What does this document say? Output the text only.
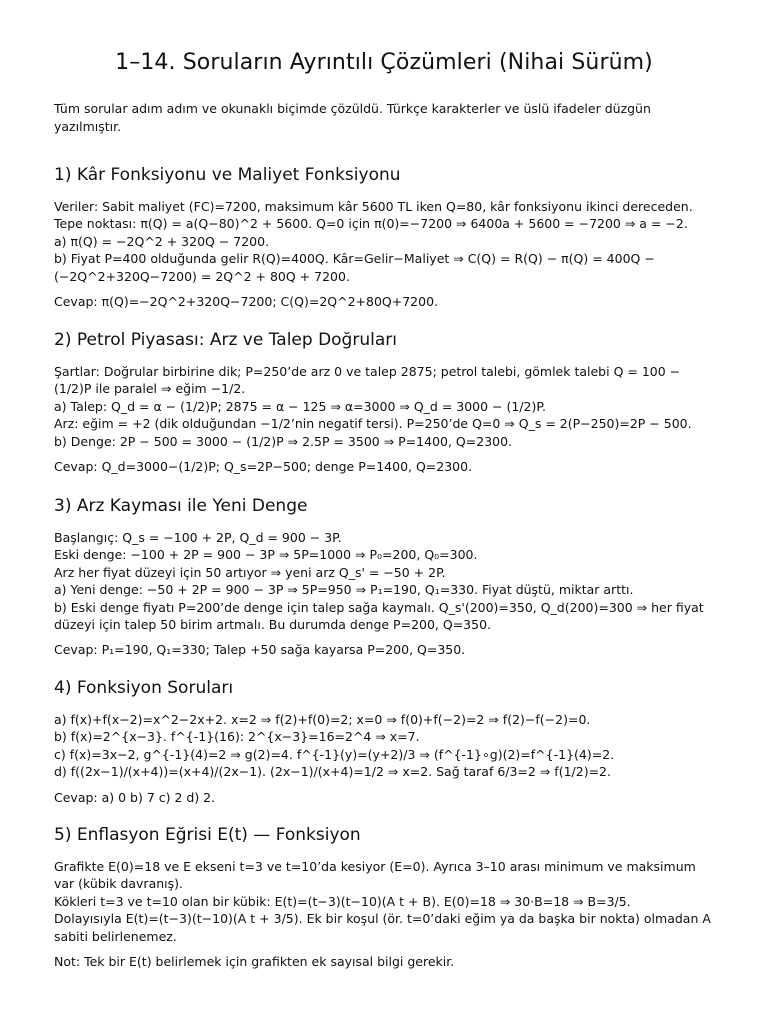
1–14. Soruların Ayrıntılı Çözümleri (Nihai Sürüm)

Tüm sorular adım adım ve okunaklı biçimde çözüldü. Türkçe karakterler ve üslü ifadeler düzgün yazılmıştır.

1) Kâr Fonksiyonu ve Maliyet Fonksiyonu

Veriler: Sabit maliyet (FC)=7200, maksimum kâr 5600 TL iken Q=80, kâr fonksiyonu ikinci dereceden.

Tepe noktası: π(Q) = a(Q−80)^2 + 5600. Q=0 için π(0)=−7200 ⇒ 6400a + 5600 = −7200 ⇒ a = −2.

a) π(Q) = −2Q^2 + 320Q − 7200.

b) Fiyat P=400 olduğunda gelir R(Q)=400Q. Kâr=Gelir−Maliyet ⇒ C(Q) = R(Q) − π(Q) = 400Q − (−2Q^2+320Q−7200) = 2Q^2 + 80Q + 7200.

Cevap: π(Q)=−2Q^2+320Q−7200; C(Q)=2Q^2+80Q+7200.

2) Petrol Piyasası: Arz ve Talep Doğruları

Şartlar: Doğrular birbirine dik; P=250’de arz 0 ve talep 2875; petrol talebi, gömlek talebi Q = 100 − (1/2)P ile paralel ⇒ eğim −1/2.

a) Talep: Q_d = α − (1/2)P; 2875 = α − 125 ⇒ α=3000 ⇒ Q_d = 3000 − (1/2)P.

Arz: eğim = +2 (dik olduğundan −1/2’nin negatif tersi). P=250’de Q=0 ⇒ Q_s = 2(P−250)=2P − 500.

b) Denge: 2P − 500 = 3000 − (1/2)P ⇒ 2.5P = 3500 ⇒ P=1400, Q=2300.

Cevap: Q_d=3000−(1/2)P; Q_s=2P−500; denge P=1400, Q=2300.

3) Arz Kayması ile Yeni Denge

Başlangıç: Q_s = −100 + 2P, Q_d = 900 − 3P.

Eski denge: −100 + 2P = 900 − 3P ⇒ 5P=1000 ⇒ P₀=200, Q₀=300.

Arz her fiyat düzeyi için 50 artıyor ⇒ yeni arz Q_s' = −50 + 2P.

a) Yeni denge: −50 + 2P = 900 − 3P ⇒ 5P=950 ⇒ P₁=190, Q₁=330. Fiyat düştü, miktar arttı.

b) Eski denge fiyatı P=200’de denge için talep sağa kaymalı. Q_s'(200)=350, Q_d(200)=300 ⇒ her fiyat düzeyi için talep 50 birim artmalı. Bu durumda denge P=200, Q=350.

Cevap: P₁=190, Q₁=330; Talep +50 sağa kayarsa P=200, Q=350.

4) Fonksiyon Soruları

a) f(x)+f(x−2)=x^2−2x+2. x=2 ⇒ f(2)+f(0)=2; x=0 ⇒ f(0)+f(−2)=2 ⇒ f(2)−f(−2)=0.

b) f(x)=2^{x−3}. f^{-1}(16): 2^{x−3}=16=2^4 ⇒ x=7.

c) f(x)=3x−2, g^{-1}(4)=2 ⇒ g(2)=4. f^{-1}(y)=(y+2)/3 ⇒ (f^{-1}∘g)(2)=f^{-1}(4)=2.

d) f((2x−1)/(x+4))=(x+4)/(2x−1). (2x−1)/(x+4)=1/2 ⇒ x=2. Sağ taraf 6/3=2 ⇒ f(1/2)=2.

Cevap: a) 0 b) 7 c) 2 d) 2.

5) Enflasyon Eğrisi E(t) — Fonksiyon

Grafikte E(0)=18 ve E ekseni t=3 ve t=10’da kesiyor (E=0). Ayrıca 3–10 arası minimum ve maksimum var (kübik davranış).

Kökleri t=3 ve t=10 olan bir kübik: E(t)=(t−3)(t−10)(A t + B). E(0)=18 ⇒ 30·B=18 ⇒ B=3/5.

Dolayısıyla E(t)=(t−3)(t−10)(A t + 3/5). Ek bir koşul (ör. t=0’daki eğim ya da başka bir nokta) olmadan A sabiti belirlenemez.

Not: Tek bir E(t) belirlemek için grafikten ek sayısal bilgi gerekir.
